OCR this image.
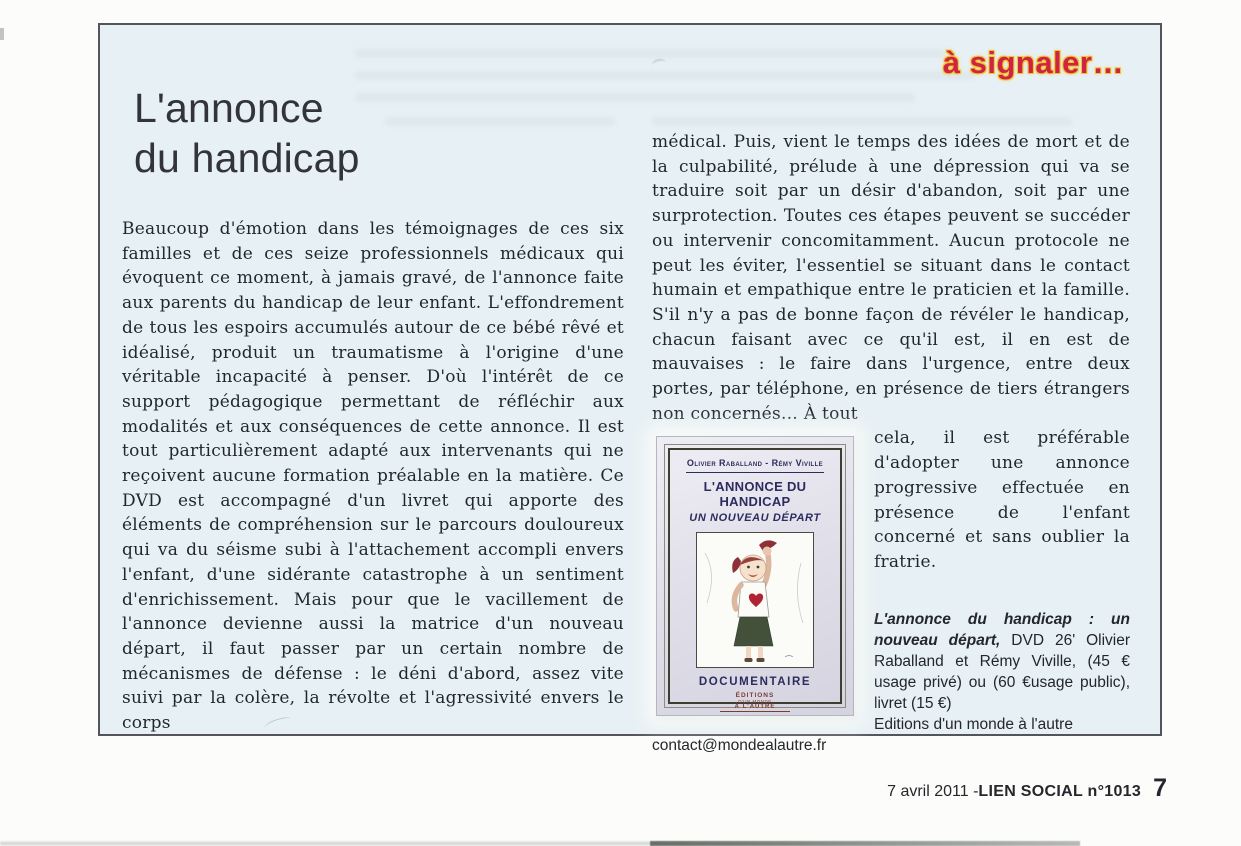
à signaler…
L'annonce
du handicap

Beaucoup d'émotion dans les témoignages de ces six familles et de ces seize professionnels médicaux qui évoquent ce moment, à jamais gravé, de l'annonce faite aux parents du handicap de leur enfant. L'effondrement de tous les espoirs accumulés autour de ce bébé rêvé et idéalisé, produit un traumatisme à l'origine d'une véritable incapacité à penser. D'où l'intérêt de ce support pédagogique permettant de réfléchir aux modalités et aux conséquences de cette annonce. Il est tout particulièrement adapté aux intervenants qui ne reçoivent aucune formation préalable en la matière. Ce DVD est accompagné d'un livret qui apporte des éléments de compréhension sur le parcours douloureux qui va du séisme subi à l'attachement accompli envers l'enfant, d'une sidérante catastrophe à un sentiment d'enrichissement. Mais pour que le vacillement de l'annonce devienne aussi la matrice d'un nouveau départ, il faut passer par un certain nombre de mécanismes de défense : le déni d'abord, assez vite suivi par la colère, la révolte et l'agressivité envers le corps

médical. Puis, vient le temps des idées de mort et de la culpabilité, prélude à une dépression qui va se traduire soit par un désir d'abandon, soit par une surprotection. Toutes ces étapes peuvent se succéder ou intervenir concomitamment. Aucun protocole ne peut les éviter, l'essentiel se situant dans le contact humain et empathique entre le praticien et la famille. S'il n'y a pas de bonne façon de révéler le handicap, chacun faisant avec ce qu'il est, il en est de mauvaises : le faire dans l'urgence, entre deux portes, par téléphone, en présence de tiers étrangers non concernés… À tout

Olivier Raballand - Rémy Viville
L'ANNONCE DU HANDICAP
UN NOUVEAU DÉPART
DOCUMENTAIRE
ÉDITIONS
D'UN MONDE
À L'AUTRE

cela, il est préférable d'adopter une annonce progressive effectuée en présence de l'enfant concerné et sans oublier la fratrie.

L'annonce du handicap : un nouveau départ, DVD 26' Olivier Raballand et Rémy Viville, (45 € usage privé) ou (60 €usage public), livret (15 €)

Editions d'un monde à l'autre

contact@mondealautre.fr

7 avril 2011 - LIEN SOCIAL n°1013 7
